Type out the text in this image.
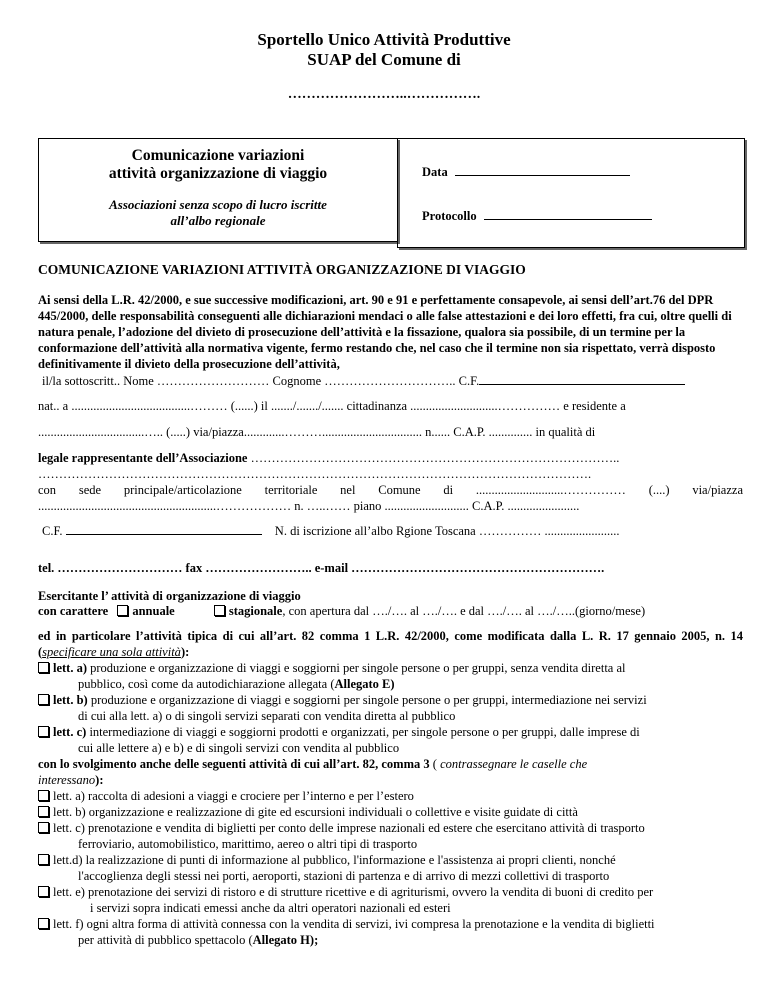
Sportello Unico Attività Produttive
SUAP del Comune di
……………………..…………….
Comunicazione variazioni
attività organizzazione di viaggio
Associazioni senza scopo di lucro iscritte
all’albo regionale
Data
Protocollo
COMUNICAZIONE VARIAZIONI ATTIVITÀ ORGANIZZAZIONE DI VIAGGIO
Ai sensi della L.R. 42/2000, e sue successive modificazioni, art. 90 e 91 e perfettamente consapevole, ai sensi dell’art.76 del DPR 445/2000, delle responsabilità conseguenti alle dichiarazioni mendaci o alle false attestazioni e dei loro effetti, fra cui, oltre quelli di natura penale, l’adozione del divieto di prosecuzione dell’attività e la fissazione, qualora sia possibile, di un termine per la conformazione dell’attività alla normativa vigente, fermo restando che, nel caso che il termine non sia rispettato, verrà disposto definitivamente il divieto della prosecuzione dell’attività,
il/la sottoscritt.. Nome ……………………… Cognome ………………………….. C.F.
nat.. a ......................................……… (......) il ......./......./....... cittadinanza ............................…………… e residente a
..................................….. (.....) via/piazza.............………................................ n...... C.A.P. .............. in qualità di
legale rappresentante dell’Associazione ……………………………………………………………………………..
…………………………………………………………………………………………………………………….
con sede principale/articolazione territoriale nel Comune di ............................…………… (....) via/piazza
.........................................................……………… n. …..…… piano ........................... C.A.P. .......................
C.F.	N. di iscrizione all’albo Rgione Toscana …………… ........................
tel. ………………………… fax …………………….. e-mail …………………………………………………….
Esercitante l’ attività di organizzazione di viaggio
con carattere annuale	stagionale, con apertura dal …./…. al …./…. e dal …./…. al …./…..(giorno/mese)
ed in particolare l’attività tipica di cui all’art. 82 comma 1 L.R. 42/2000, come modificata dalla L. R. 17 gennaio 2005, n. 14 (specificare una sola attività):
lett. a) produzione e organizzazione di viaggi e soggiorni per singole persone o per gruppi, senza vendita diretta al
pubblico, così come da autodichiarazione allegata (Allegato E)
lett. b) produzione e organizzazione di viaggi e soggiorni per singole persone o per gruppi, intermediazione nei servizi
di cui alla lett. a) o di singoli servizi separati con vendita diretta al pubblico
lett. c) intermediazione di viaggi e soggiorni prodotti e organizzati, per singole persone o per gruppi, dalle imprese di
cui alle lettere a) e b) e di singoli servizi con vendita al pubblico
con lo svolgimento anche delle seguenti attività di cui all’art. 82, comma 3 ( contrassegnare le caselle che
interessano):
lett. a) raccolta di adesioni a viaggi e crociere per l’interno e per l’estero
lett. b) organizzazione e realizzazione di gite ed escursioni individuali o collettive e visite guidate di città
lett. c) prenotazione e vendita di biglietti per conto delle imprese nazionali ed estere che esercitano attività di trasporto
ferroviario, automobilistico, marittimo, aereo o altri tipi di trasporto
lett.d) la realizzazione di punti di informazione al pubblico, l'informazione e l'assistenza ai propri clienti, nonché
l'accoglienza degli stessi nei porti, aeroporti, stazioni di partenza e di arrivo di mezzi collettivi di trasporto
lett. e) prenotazione dei servizi di ristoro e di strutture ricettive e di agriturismi, ovvero la vendita di buoni di credito per
i servizi sopra indicati emessi anche da altri operatori nazionali ed esteri
lett. f) ogni altra forma di attività connessa con la vendita di servizi, ivi compresa la prenotazione e la vendita di biglietti
per attività di pubblico spettacolo (Allegato H);
